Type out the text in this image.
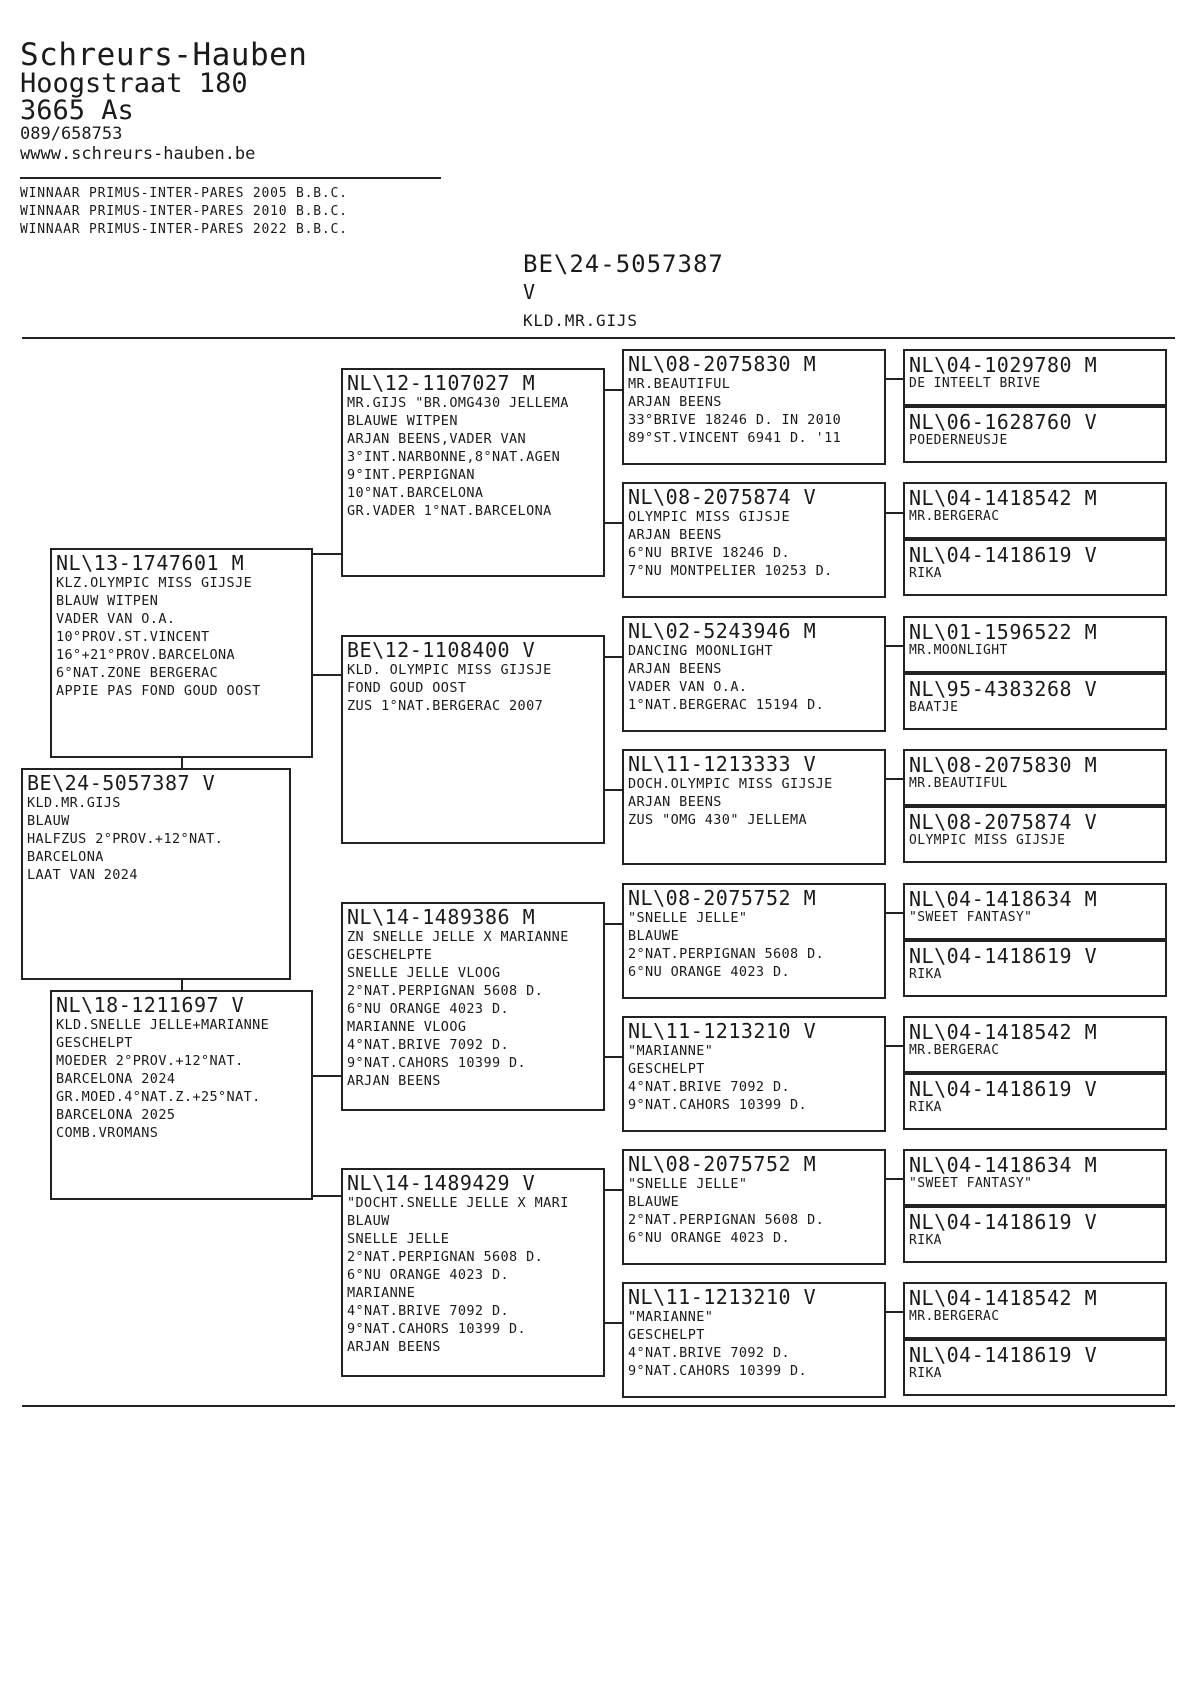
Schreurs-Hauben
Hoogstraat 180
3665 As
089/658753
wwww.schreurs-hauben.be
WINNAAR PRIMUS-INTER-PARES 2005 B.B.C.
WINNAAR PRIMUS-INTER-PARES 2010 B.B.C.
WINNAAR PRIMUS-INTER-PARES 2022 B.B.C.
BE\24-5057387
V
KLD.MR.GIJS
NL\13-1747601 M
KLZ.OLYMPIC MISS GIJSJE
BLAUW WITPEN
VADER VAN O.A.
10°PROV.ST.VINCENT
16°+21°PROV.BARCELONA
6°NAT.ZONE BERGERAC
APPIE PAS FOND GOUD OOST
BE\24-5057387 V
KLD.MR.GIJS
BLAUW
HALFZUS 2°PROV.+12°NAT.
BARCELONA
LAAT VAN 2024
NL\18-1211697 V
KLD.SNELLE JELLE+MARIANNE
GESCHELPT
MOEDER 2°PROV.+12°NAT.
BARCELONA 2024
GR.MOED.4°NAT.Z.+25°NAT.
BARCELONA 2025
COMB.VROMANS
NL\12-1107027 M
MR.GIJS "BR.OMG430 JELLEMA
BLAUWE WITPEN
ARJAN BEENS,VADER VAN
3°INT.NARBONNE,8°NAT.AGEN
9°INT.PERPIGNAN
10°NAT.BARCELONA
GR.VADER 1°NAT.BARCELONA
BE\12-1108400 V
KLD. OLYMPIC MISS GIJSJE
FOND GOUD OOST
ZUS 1°NAT.BERGERAC 2007
NL\14-1489386 M
ZN SNELLE JELLE X MARIANNE
GESCHELPTE
SNELLE JELLE VLOOG
2°NAT.PERPIGNAN 5608 D.
6°NU ORANGE 4023 D.
MARIANNE VLOOG
4°NAT.BRIVE 7092 D.
9°NAT.CAHORS 10399 D.
ARJAN BEENS
NL\14-1489429 V
"DOCHT.SNELLE JELLE X MARI
BLAUW
SNELLE JELLE
2°NAT.PERPIGNAN 5608 D.
6°NU ORANGE 4023 D.
MARIANNE
4°NAT.BRIVE 7092 D.
9°NAT.CAHORS 10399 D.
ARJAN BEENS
NL\08-2075830 M
MR.BEAUTIFUL
ARJAN BEENS
33°BRIVE 18246 D. IN 2010
89°ST.VINCENT 6941 D. '11
NL\08-2075874 V
OLYMPIC MISS GIJSJE
ARJAN BEENS
6°NU BRIVE 18246 D.
7°NU MONTPELIER 10253 D.
NL\02-5243946 M
DANCING MOONLIGHT
ARJAN BEENS
VADER VAN O.A.
1°NAT.BERGERAC 15194 D.
NL\11-1213333 V
DOCH.OLYMPIC MISS GIJSJE
ARJAN BEENS
ZUS "OMG 430" JELLEMA
NL\08-2075752 M
"SNELLE JELLE"
BLAUWE
2°NAT.PERPIGNAN 5608 D.
6°NU ORANGE 4023 D.
NL\11-1213210 V
"MARIANNE"
GESCHELPT
4°NAT.BRIVE 7092 D.
9°NAT.CAHORS 10399 D.
NL\08-2075752 M
"SNELLE JELLE"
BLAUWE
2°NAT.PERPIGNAN 5608 D.
6°NU ORANGE 4023 D.
NL\11-1213210 V
"MARIANNE"
GESCHELPT
4°NAT.BRIVE 7092 D.
9°NAT.CAHORS 10399 D.
NL\04-1029780 M
DE INTEELT BRIVE
NL\06-1628760 V
POEDERNEUSJE
NL\04-1418542 M
MR.BERGERAC
NL\04-1418619 V
RIKA
NL\01-1596522 M
MR.MOONLIGHT
NL\95-4383268 V
BAATJE
NL\08-2075830 M
MR.BEAUTIFUL
NL\08-2075874 V
OLYMPIC MISS GIJSJE
NL\04-1418634 M
"SWEET FANTASY"
NL\04-1418619 V
RIKA
NL\04-1418542 M
MR.BERGERAC
NL\04-1418619 V
RIKA
NL\04-1418634 M
"SWEET FANTASY"
NL\04-1418619 V
RIKA
NL\04-1418542 M
MR.BERGERAC
NL\04-1418619 V
RIKA
